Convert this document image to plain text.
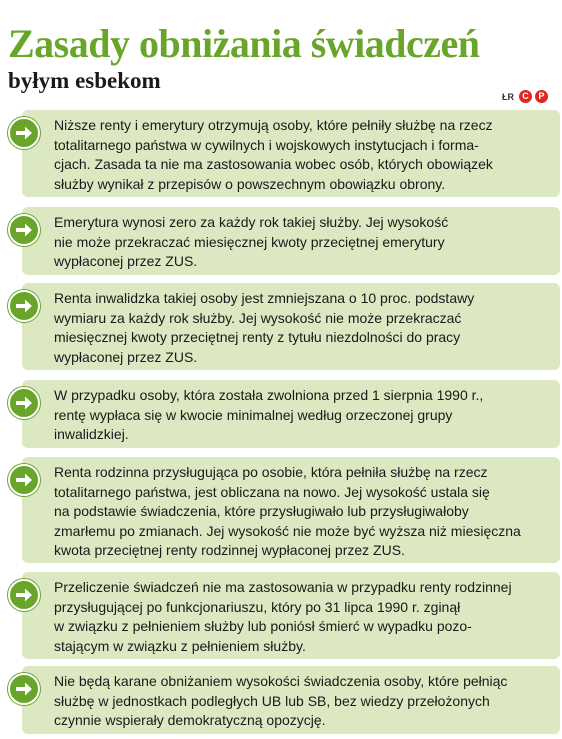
Zasady obniżania świadczeń
byłym esbekom
ŁR C	P
Niższe renty i emerytury otrzymują osoby, które pełniły służbę na rzecz
totalitarnego państwa w cywilnych i wojskowych instytucjach i forma-
cjach. Zasada ta nie ma zastosowania wobec osób, których obowiązek
służby wynikał z przepisów o powszechnym obowiązku obrony.
Emerytura wynosi zero za każdy rok takiej służby. Jej wysokość
nie może przekraczać miesięcznej kwoty przeciętnej emerytury
wypłaconej przez ZUS.
Renta inwalidzka takiej osoby jest zmniejszana o 10 proc. podstawy
wymiaru za każdy rok służby. Jej wysokość nie może przekraczać
miesięcznej kwoty przeciętnej renty z tytułu niezdolności do pracy
wypłaconej przez ZUS.
W przypadku osoby, która została zwolniona przed 1 sierpnia 1990 r.,
rentę wypłaca się w kwocie minimalnej według orzeczonej grupy
inwalidzkiej.
Renta rodzinna przysługująca po osobie, która pełniła służbę na rzecz
totalitarnego państwa, jest obliczana na nowo. Jej wysokość ustala się
na podstawie świadczenia, które przysługiwało lub przysługiwałoby
zmarłemu po zmianach. Jej wysokość nie może być wyższa niż miesięczna
kwota przeciętnej renty rodzinnej wypłaconej przez ZUS.
Przeliczenie świadczeń nie ma zastosowania w przypadku renty rodzinnej
przysługującej po funkcjonariuszu, który po 31 lipca 1990 r. zginął
w związku z pełnieniem służby lub poniósł śmierć w wypadku pozo-
stającym w związku z pełnieniem służby.
Nie będą karane obniżaniem wysokości świadczenia osoby, które pełniąc
służbę w jednostkach podległych UB lub SB, bez wiedzy przełożonych
czynnie wspierały demokratyczną opozycję.
